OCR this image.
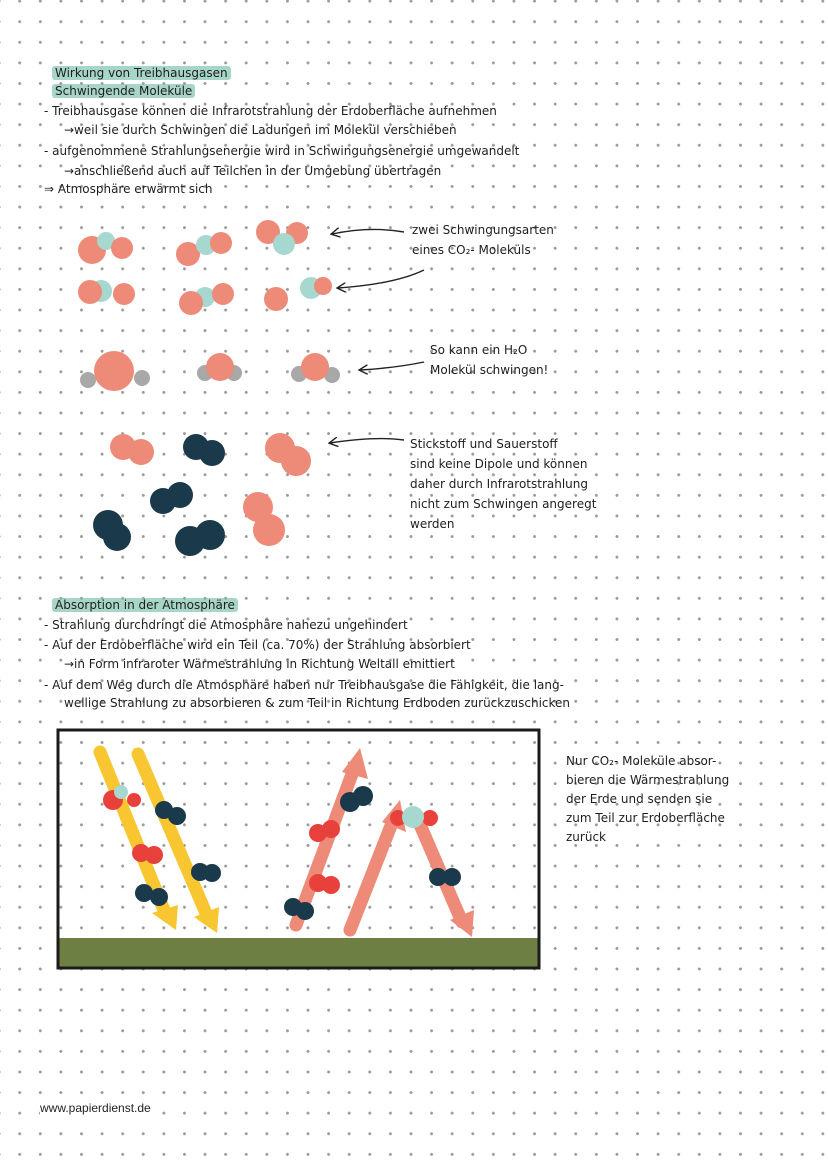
Wirkung von Treibhausgasen
Schwingende Moleküle
- Treibhausgase können die Infrarotstrahlung der Erdoberfläche aufnehmen
→weil sie durch Schwingen die Ladungen im Molekül verschieben
- aufgenommene Strahlungsenergie wird in Schwingungsenergie umgewandelt
→anschließend auch auf Teilchen in der Umgebung übertragen
⇒ Atmosphäre erwärmt sich
zwei Schwingungsarten
eines CO₂- Moleküls
So kann ein H₂O
Molekül schwingen!
Stickstoff und Sauerstoff
sind keine Dipole und können
daher durch Infrarotstrahlung
nicht zum Schwingen angeregt
werden
Absorption in der Atmosphäre
- Strahlung durchdringt die Atmosphäre nahezu ungehindert
- Auf der Erdoberfläche wird ein Teil (ca. 70%) der Strahlung absorbiert
→in Form infraroter Wärmestrahlung in Richtung Weltall emittiert
- Auf dem Weg durch die Atmosphäre haben nur Treibhausgase die Fähigkeit, die lang-
wellige Strahlung zu absorbieren & zum Teil in Richtung Erdboden zurückzuschicken
Nur CO₂- Moleküle absor-
bieren die Wärmestrahlung
der Erde und senden sie
zum Teil zur Erdoberfläche
zurück
www.papierdienst.de
